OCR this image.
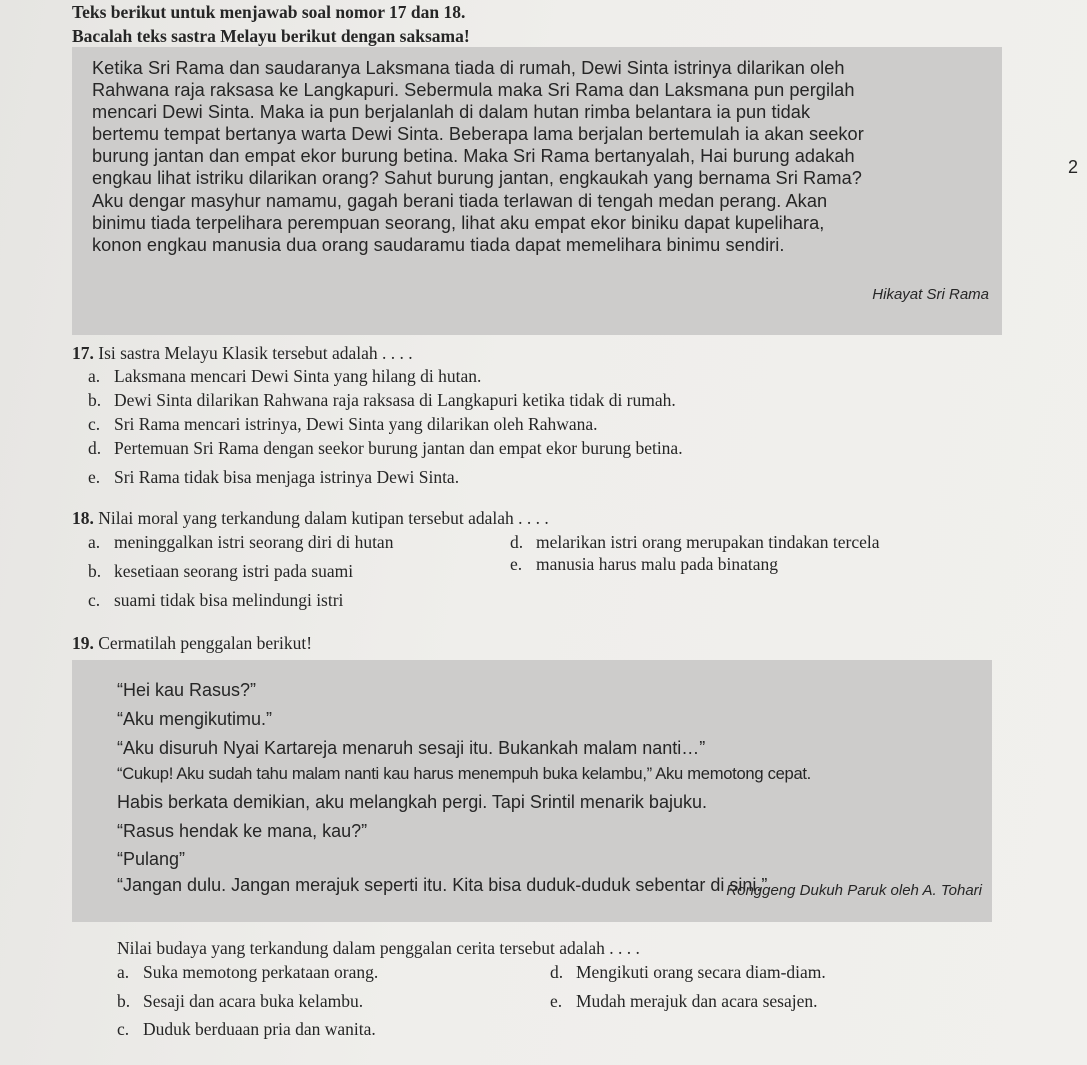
Teks berikut untuk menjawab soal nomor 17 dan 18.
Bacalah teks sastra Melayu berikut dengan saksama!
Ketika Sri Rama dan saudaranya Laksmana tiada di rumah, Dewi Sinta istrinya dilarikan oleh
Rahwana raja raksasa ke Langkapuri. Sebermula maka Sri Rama dan Laksmana pun pergilah
mencari Dewi Sinta. Maka ia pun berjalanlah di dalam hutan rimba belantara ia pun tidak
bertemu tempat bertanya warta Dewi Sinta. Beberapa lama berjalan bertemulah ia akan seekor
burung jantan dan empat ekor burung betina. Maka Sri Rama bertanyalah, Hai burung adakah
engkau lihat istriku dilarikan orang? Sahut burung jantan, engkaukah yang bernama Sri Rama?
Aku dengar masyhur namamu, gagah berani tiada terlawan di tengah medan perang. Akan
binimu tiada terpelihara perempuan seorang, lihat aku empat ekor biniku dapat kupelihara,
konon engkau manusia dua orang saudaramu tiada dapat memelihara binimu sendiri.
Hikayat Sri Rama
2
17. Isi sastra Melayu Klasik tersebut adalah . . . .
a. Laksmana mencari Dewi Sinta yang hilang di hutan.
b. Dewi Sinta dilarikan Rahwana raja raksasa di Langkapuri ketika tidak di rumah.
c. Sri Rama mencari istrinya, Dewi Sinta yang dilarikan oleh Rahwana.
d. Pertemuan Sri Rama dengan seekor burung jantan dan empat ekor burung betina.
e. Sri Rama tidak bisa menjaga istrinya Dewi Sinta.
18. Nilai moral yang terkandung dalam kutipan tersebut adalah . . . .
a. meninggalkan istri seorang diri di hutan
b. kesetiaan seorang istri pada suami
c. suami tidak bisa melindungi istri
d. melarikan istri orang merupakan tindakan tercela
e. manusia harus malu pada binatang
19. Cermatilah penggalan berikut!
“Hei kau Rasus?”
“Aku mengikutimu.”
“Aku disuruh Nyai Kartareja menaruh sesaji itu. Bukankah malam nanti…”
“Cukup! Aku sudah tahu malam nanti kau harus menempuh buka kelambu,” Aku memotong cepat.
Habis berkata demikian, aku melangkah pergi. Tapi Srintil menarik bajuku.
“Rasus hendak ke mana, kau?”
“Pulang”
“Jangan dulu. Jangan merajuk seperti itu. Kita bisa duduk-duduk sebentar di sini.”
Ronggeng Dukuh Paruk oleh A. Tohari
Nilai budaya yang terkandung dalam penggalan cerita tersebut adalah . . . .
a. Suka memotong perkataan orang.
b. Sesaji dan acara buka kelambu.
c. Duduk berduaan pria dan wanita.
d. Mengikuti orang secara diam-diam.
e. Mudah merajuk dan acara sesajen.
